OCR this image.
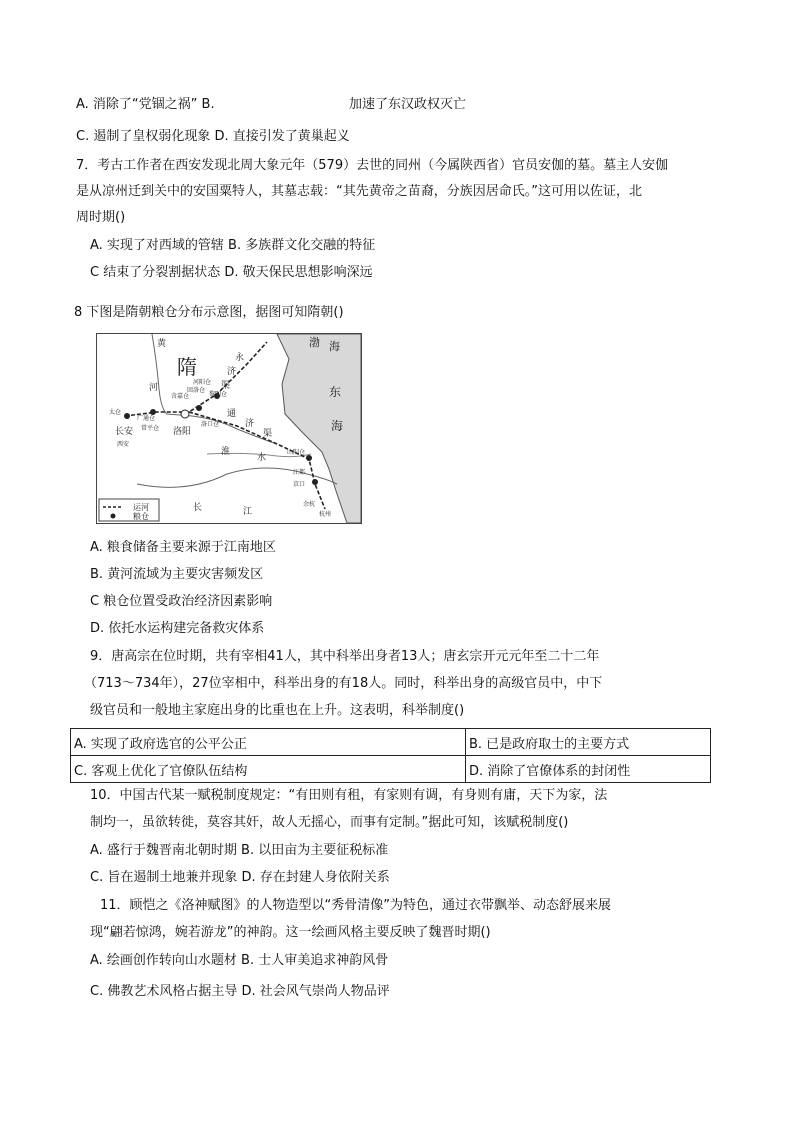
A. 消除了“党锢之祸” B.	加速了东汉政权灭亡
C. 遏制了皇权弱化现象 D. 直接引发了黄巢起义
7．考古工作者在西安发现北周大象元年（579）去世的同州（今属陕西省）官员安伽的墓。墓主人安伽
是从凉州迁到关中的安国粟特人，其墓志载：“其先黄帝之苗裔，分族因居命氏。”这可用以佐证，北
周时期()
A. 实现了对西域的管辖 B. 多族群文化交融的特征
C 结束了分裂割据状态 D. 敬天保民思想影响深远
8 下图是隋朝粮仓分布示意图，据图可知隋朝()
运河
粮仓
隋
渤 海
东
海
黄
河
永
济
渠
通
济
渠
长安	洛阳
西安
太仓
广通仓
常平仓
含嘉仓
回洛仓
河阳仓
黎阳仓
洛口仓
山阳仓
江都
京口
余杭
杭州
淮
水
长	江
A. 粮食储备主要来源于江南地区
B. 黄河流域为主要灾害频发区
C 粮仓位置受政治经济因素影响
D. 依托水运构建完备救灾体系
9．唐高宗在位时期，共有宰相41人，其中科举出身者13人；唐玄宗开元元年至二十二年
（713～734年），27位宰相中，科举出身的有18人。同时，科举出身的高级官员中，中下
级官员和一般地主家庭出身的比重也在上升。这表明，科举制度()
A. 实现了政府选官的公平公正	B. 已是政府取士的主要方式
C. 客观上优化了官僚队伍结构	D. 消除了官僚体系的封闭性
10．中国古代某一赋税制度规定：“有田则有租，有家则有调，有身则有庸，天下为家，法
制均一，虽欲转徙，莫容其奸，故人无摇心，而事有定制。”据此可知，该赋税制度()
A. 盛行于魏晋南北朝时期 B. 以田亩为主要征税标准
C. 旨在遏制土地兼并现象 D. 存在封建人身依附关系
11．顾恺之《洛神赋图》的人物造型以“秀骨清像”为特色，通过衣带飘举、动态舒展来展
现“翩若惊鸿，婉若游龙”的神韵。这一绘画风格主要反映了魏晋时期()
A. 绘画创作转向山水题材 B. 士人审美追求神韵风骨
C. 佛教艺术风格占据主导 D. 社会风气崇尚人物品评
